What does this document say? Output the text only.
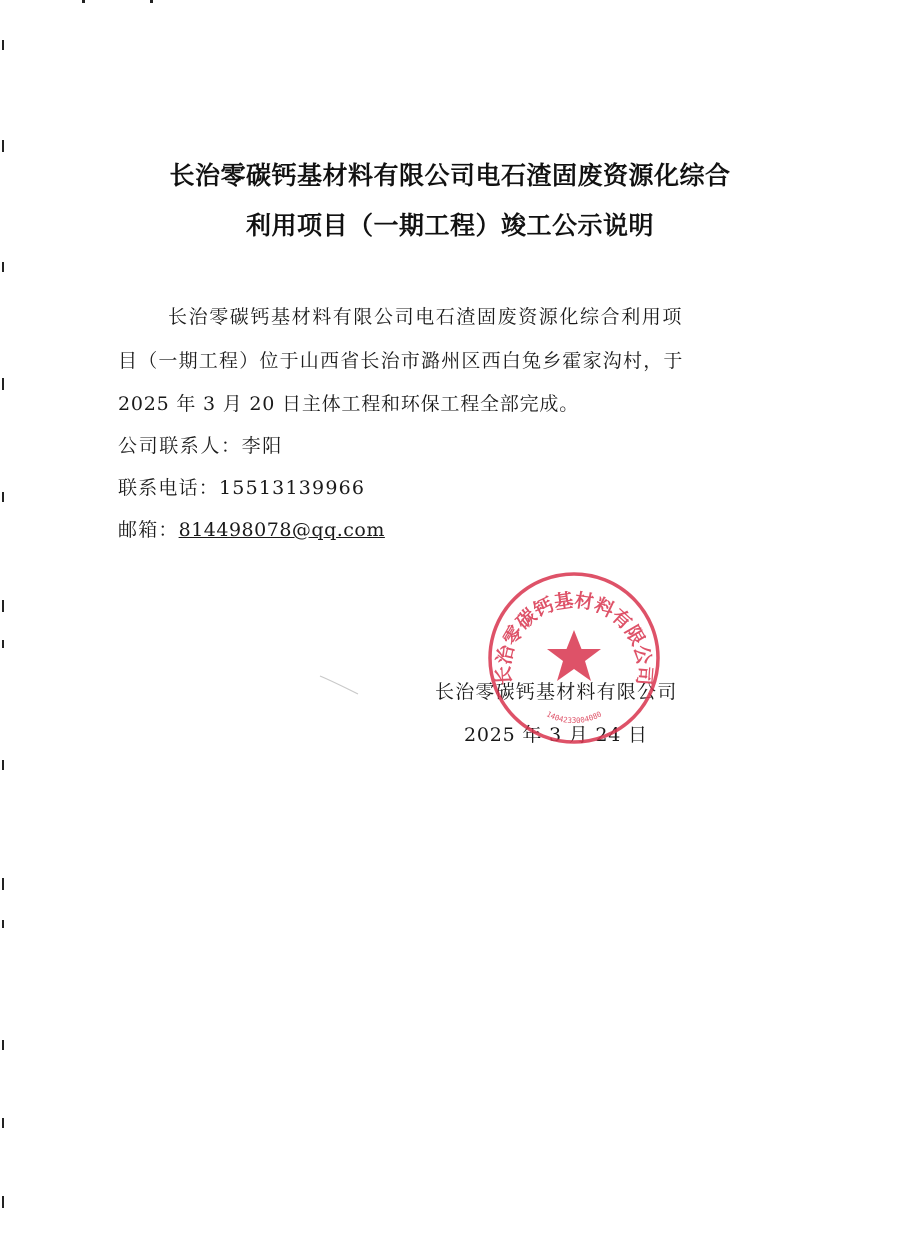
长治零碳钙基材料有限公司电石渣固废资源化综合
利用项目（一期工程）竣工公示说明
长治零碳钙基材料有限公司电石渣固废资源化综合利用项
目（一期工程）位于山西省长治市潞州区西白兔乡霍家沟村，于
2025 年 3 月 20 日主体工程和环保工程全部完成。
公司联系人：李阳
联系电话：15513139966
邮箱：814498078@qq.com
长治零碳钙基材料有限公司
2025 年 3 月 24 日
长治零碳钙基材料有限公司
1404233004080
